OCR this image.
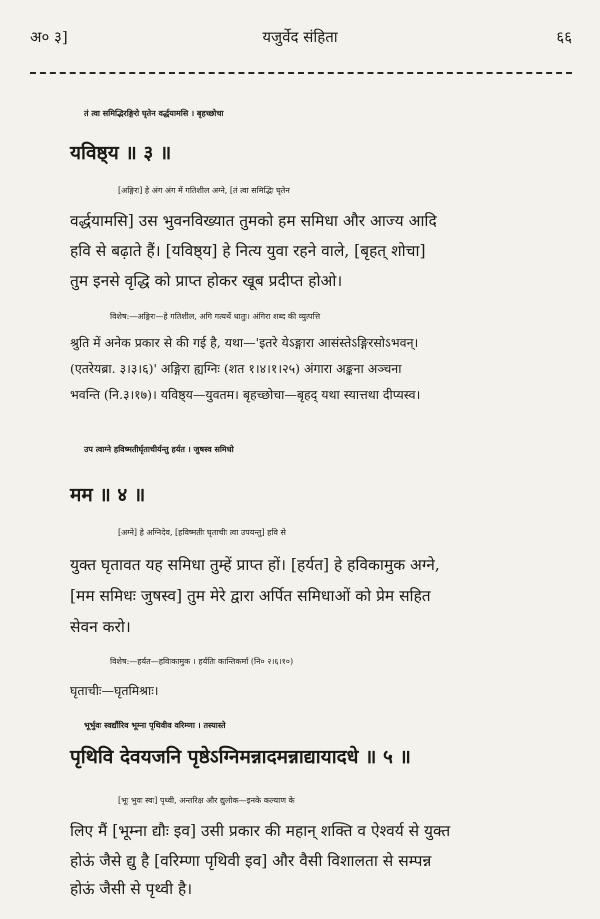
अ० ३]	यजुर्वेद संहिता	६६
तं त्वा समिद्भिरङ्गिरो घृतेन वर्द्धयामसि । बृहच्छोचा
यविष्ठ्य ॥ ३ ॥
[अङ्गिरः] हे अंग अंग में गतिशील अग्ने, [तं त्वा समिद्भिः घृतेन
वर्द्धयामसि] उस भुवनविख्यात तुमको हम समिधा और आज्य आदि
हवि से बढ़ाते हैं। [यविष्ठ्य] हे नित्य युवा रहने वाले, [बृहत् शोचा]
तुम इनसे वृद्धि को प्राप्त होकर खूब प्रदीप्त होओ।
विशेष:—अङ्गिरः—हे गतिशील, अगि गत्यर्थे धातुः। अंगिरा शब्द की व्युत्पत्ति
श्रुति में अनेक प्रकार से की गई है, यथा—'इतरे येऽङ्गारा आसंस्तेऽङ्गिरसोऽभवन्।
(एतरेयब्रा. ३।३।६)' अङ्गिरा ह्यग्निः (शत १।४।१।२५) अंगारा अङ्कना अञ्चना
भवन्ति (नि.३।१७)। यविष्ठ्य—युवतम। बृहच्छोचा—बृहद् यथा स्यात्तथा दीप्यस्व।
उप त्वाग्ने हविष्मतीर्घृताचीर्यन्तु हर्यत । जुषस्व समिधो
मम ॥ ४ ॥
[अग्ने] हे अग्निदेव, [हविष्मतीः घृताचीः त्वा उपयन्तु] हवि से
युक्त घृतावत यह समिधा तुम्हें प्राप्त हों। [हर्यत] हे हविकामुक अग्ने,
[मम समिधः जुषस्व] तुम मेरे द्वारा अर्पित समिधाओं को प्रेम सहित
सेवन करो।
विशेष:—हर्यत—हविःकामुक । हर्यतिः कान्तिकर्मा (नि० २।६।१०)
घृताचीः—घृतमिश्राः।
भूर्भुवः स्वर्द्यौरिव भूम्ना पृथिवीव वरिम्णा । तस्यास्ते
पृथिवि देवयजनि पृष्ठेऽग्निमन्नादमन्नाद्यायादधे ॥ ५ ॥
[भूः भुवः स्वः] पृथ्वी, अन्तरिक्ष और द्युलोक—इनके कल्याण के
लिए मैं [भूम्ना द्यौः इव] उसी प्रकार की महान् शक्ति व ऐश्वर्य से युक्त
होऊं जैसे द्यु है [वरिम्णा पृथिवी इव] और वैसी विशालता से सम्पन्न
होऊं जैसी से पृथ्वी है।
